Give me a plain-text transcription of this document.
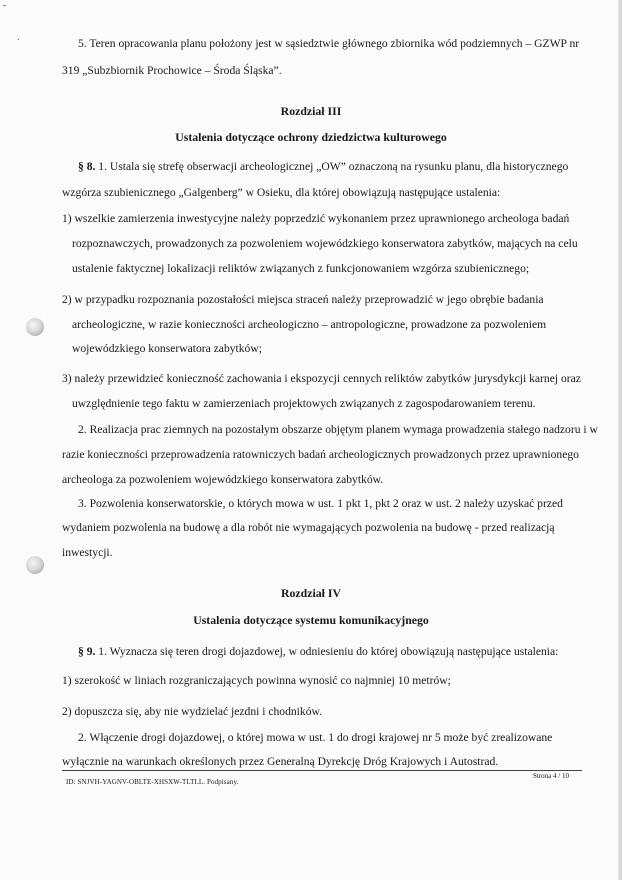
-
.	5. Teren opracowania planu położony jest w sąsiedztwie głównego zbiornika wód podziemnych – GZWP nr
319 „Subzbiornik Prochowice – Środa Śląska”.
Rozdział III
Ustalenia dotyczące ochrony dziedzictwa kulturowego
§ 8. 1. Ustala się strefę obserwacji archeologicznej „OW” oznaczoną na rysunku planu, dla historycznego
wzgórza szubienicznego „Galgenberg” w Osieku, dla której obowiązują następujące ustalenia:
1) wszelkie zamierzenia inwestycyjne należy poprzedzić wykonaniem przez uprawnionego archeologa badań
rozpoznawczych, prowadzonych za pozwoleniem wojewódzkiego konserwatora zabytków, mających na celu
ustalenie faktycznej lokalizacji reliktów związanych z funkcjonowaniem wzgórza szubienicznego;
2) w przypadku rozpoznania pozostałości miejsca straceń należy przeprowadzić w jego obrębie badania
archeologiczne, w razie konieczności archeologiczno – antropologiczne, prowadzone za pozwoleniem
wojewódzkiego konserwatora zabytków;
3) należy przewidzieć konieczność zachowania i ekspozycji cennych reliktów zabytków jurysdykcji karnej oraz
uwzględnienie tego faktu w zamierzeniach projektowych związanych z zagospodarowaniem terenu.
2. Realizacja prac ziemnych na pozostałym obszarze objętym planem wymaga prowadzenia stałego nadzoru i w
razie konieczności przeprowadzenia ratowniczych badań archeologicznych prowadzonych przez uprawnionego
archeologa za pozwoleniem wojewódzkiego konserwatora zabytków.
3. Pozwolenia konserwatorskie, o których mowa w ust. 1 pkt 1, pkt 2 oraz w ust. 2 należy uzyskać przed
wydaniem pozwolenia na budowę a dla robót nie wymagających pozwolenia na budowę - przed realizacją
inwestycji.
Rozdział IV
Ustalenia dotyczące systemu komunikacyjnego
§ 9. 1. Wyznacza się teren drogi dojazdowej, w odniesieniu do której obowiązują następujące ustalenia:
1) szerokość w liniach rozgraniczających powinna wynosić co najmniej 10 metrów;
2) dopuszcza się, aby nie wydzielać jezdni i chodników.
2. Włączenie drogi dojazdowej, o której mowa w ust. 1 do drogi krajowej nr 5 może być zrealizowane
wyłącznie na warunkach określonych przez Generalną Dyrekcję Dróg Krajowych i Autostrad.
ID: SNJVH-YAGNV-OBLTE-XHSXW-TLTLL. Podpisany.
Strona 4 / 10
